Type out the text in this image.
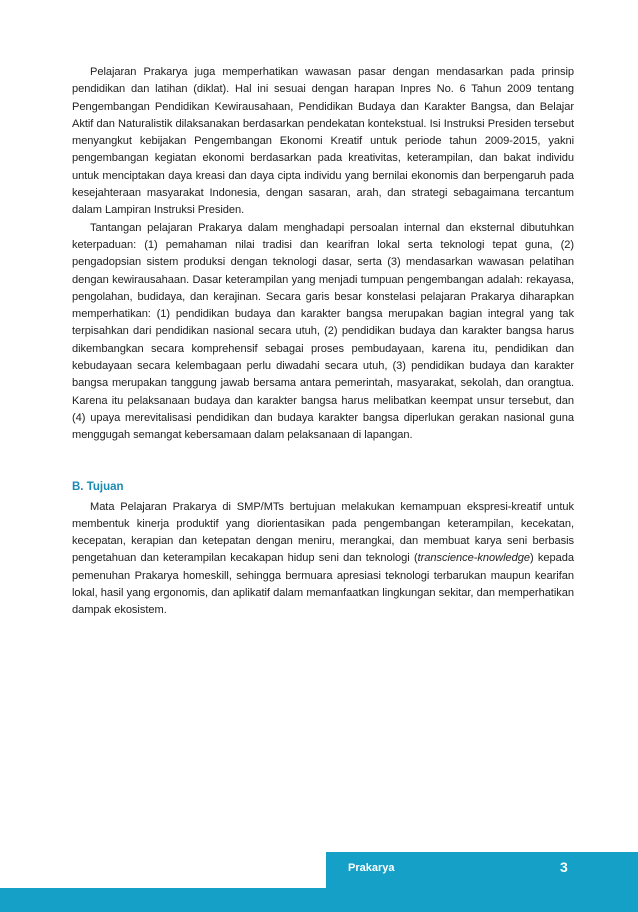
Pelajaran Prakarya juga memperhatikan wawasan pasar dengan mendasarkan pada prinsip pendidikan dan latihan (diklat). Hal ini sesuai dengan harapan Inpres No. 6 Tahun 2009 tentang Pengembangan Pendidikan Kewirausahaan, Pendidikan Budaya dan Karakter Bangsa, dan Belajar Aktif dan Naturalistik dilaksanakan berdasarkan pendekatan kontekstual. Isi Instruksi Presiden tersebut menyangkut kebijakan Pengembangan Ekonomi Kreatif untuk periode tahun 2009-2015, yakni pengembangan kegiatan ekonomi berdasarkan pada kreativitas, keterampilan, dan bakat individu untuk menciptakan daya kreasi dan daya cipta individu yang bernilai ekonomis dan berpengaruh pada kesejahteraan masyarakat Indonesia, dengan sasaran, arah, dan strategi sebagaimana tercantum dalam Lampiran Instruksi Presiden.

Tantangan pelajaran Prakarya dalam menghadapi persoalan internal dan eksternal dibutuhkan keterpaduan: (1) pemahaman nilai tradisi dan kearifran lokal serta teknologi tepat guna, (2) pengadopsian sistem produksi dengan teknologi dasar, serta (3) mendasarkan wawasan pelatihan dengan kewirausahaan. Dasar keterampilan yang menjadi tumpuan pengembangan adalah: rekayasa, pengolahan, budidaya, dan kerajinan. Secara garis besar konstelasi pelajaran Prakarya diharapkan memperhatikan: (1) pendidikan budaya dan karakter bangsa merupakan bagian integral yang tak terpisahkan dari pendidikan nasional secara utuh, (2) pendidikan budaya dan karakter bangsa harus dikembangkan secara komprehensif sebagai proses pembudayaan, karena itu, pendidikan dan kebudayaan secara kelembagaan perlu diwadahi secara utuh, (3) pendidikan budaya dan karakter bangsa merupakan tanggung jawab bersama antara pemerintah, masyarakat, sekolah, dan orangtua. Karena itu pelaksanaan budaya dan karakter bangsa harus melibatkan keempat unsur tersebut, dan (4) upaya merevitalisasi pendidikan dan budaya karakter bangsa diperlukan gerakan nasional guna menggugah semangat kebersamaan dalam pelaksanaan di lapangan.

B. Tujuan

Mata Pelajaran Prakarya di SMP/MTs bertujuan melakukan kemampuan ekspresi-kreatif untuk membentuk kinerja produktif yang diorientasikan pada pengembangan keterampilan, kecekatan, kecepatan, kerapian dan ketepatan dengan meniru, merangkai, dan membuat karya seni berbasis pengetahuan dan keterampilan kecakapan hidup seni dan teknologi (transcience-knowledge) kepada pemenuhan Prakarya homeskill, sehingga bermuara apresiasi teknologi terbarukan maupun kearifan lokal, hasil yang ergonomis, dan aplikatif dalam memanfaatkan lingkungan sekitar, dan memperhatikan dampak ekosistem.

Prakarya	3
